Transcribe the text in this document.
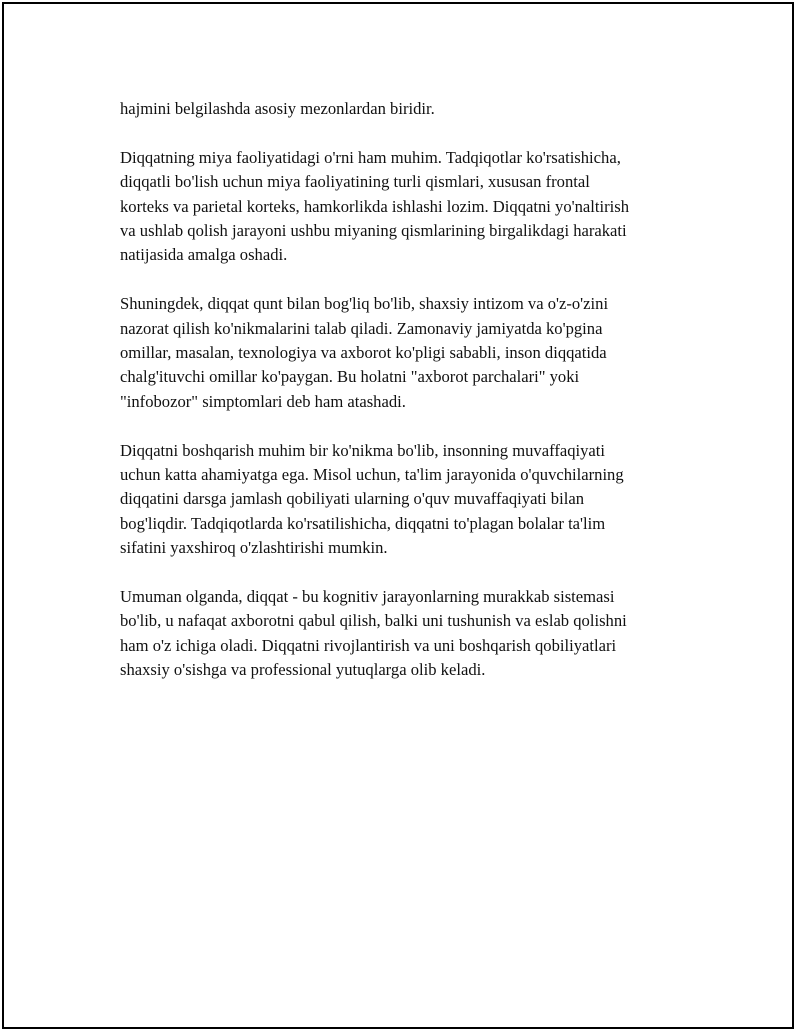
hajmini belgilashda asosiy mezonlardan biridir.

Diqqatning miya faoliyatidagi o'rni ham muhim. Tadqiqotlar ko'rsatishicha,
diqqatli bo'lish uchun miya faoliyatining turli qismlari, xususan frontal
korteks va parietal korteks, hamkorlikda ishlashi lozim. Diqqatni yo'naltirish
va ushlab qolish jarayoni ushbu miyaning qismlarining birgalikdagi harakati
natijasida amalga oshadi.

Shuningdek, diqqat qunt bilan bog'liq bo'lib, shaxsiy intizom va o'z-o'zini
nazorat qilish ko'nikmalarini talab qiladi. Zamonaviy jamiyatda ko'pgina
omillar, masalan, texnologiya va axborot ko'pligi sababli, inson diqqatida
chalg'ituvchi omillar ko'paygan. Bu holatni "axborot parchalari" yoki
"infobozor" simptomlari deb ham atashadi.

Diqqatni boshqarish muhim bir ko'nikma bo'lib, insonning muvaffaqiyati
uchun katta ahamiyatga ega. Misol uchun, ta'lim jarayonida o'quvchilarning
diqqatini darsga jamlash qobiliyati ularning o'quv muvaffaqiyati bilan
bog'liqdir. Tadqiqotlarda ko'rsatilishicha, diqqatni to'plagan bolalar ta'lim
sifatini yaxshiroq o'zlashtirishi mumkin.

Umuman olganda, diqqat - bu kognitiv jarayonlarning murakkab sistemasi
bo'lib, u nafaqat axborotni qabul qilish, balki uni tushunish va eslab qolishni
ham o'z ichiga oladi. Diqqatni rivojlantirish va uni boshqarish qobiliyatlari
shaxsiy o'sishga va professional yutuqlarga olib keladi.
